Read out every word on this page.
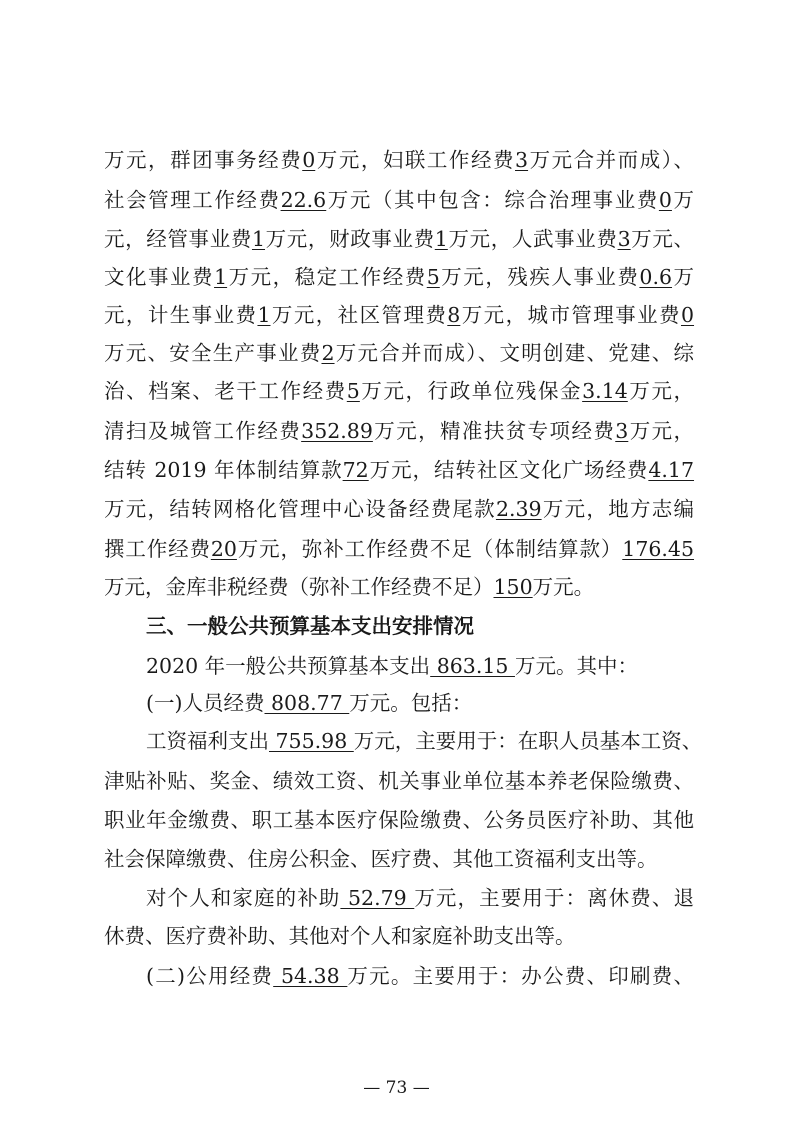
万元，群团事务经费0万元，妇联工作经费3万元合并而成）、
社会管理工作经费22.6万元（其中包含：综合治理事业费0万
元，经管事业费1万元，财政事业费1万元，人武事业费3万元、
文化事业费1万元，稳定工作经费5万元，残疾人事业费0.6万
元，计生事业费1万元，社区管理费8万元，城市管理事业费0
万元、安全生产事业费2万元合并而成）、文明创建、党建、综
治、档案、老干工作经费5万元，行政单位残保金3.14万元，
清扫及城管工作经费352.89万元，精准扶贫专项经费3万元，
结转 2019 年体制结算款72万元，结转社区文化广场经费4.17
万元，结转网格化管理中心设备经费尾款2.39万元，地方志编
撰工作经费20万元，弥补工作经费不足（体制结算款）176.45
万元，金库非税经费（弥补工作经费不足）150万元。
三、一般公共预算基本支出安排情况
2020 年一般公共预算基本支出 863.15 万元。其中：
(一)人员经费 808.77 万元。包括：
工资福利支出 755.98 万元，主要用于：在职人员基本工资、
津贴补贴、奖金、绩效工资、机关事业单位基本养老保险缴费、
职业年金缴费、职工基本医疗保险缴费、公务员医疗补助、其他
社会保障缴费、住房公积金、医疗费、其他工资福利支出等。
对个人和家庭的补助 52.79 万元，主要用于：离休费、退
休费、医疗费补助、其他对个人和家庭补助支出等。
(二)公用经费 54.38 万元。主要用于：办公费、印刷费、
— 73 —
